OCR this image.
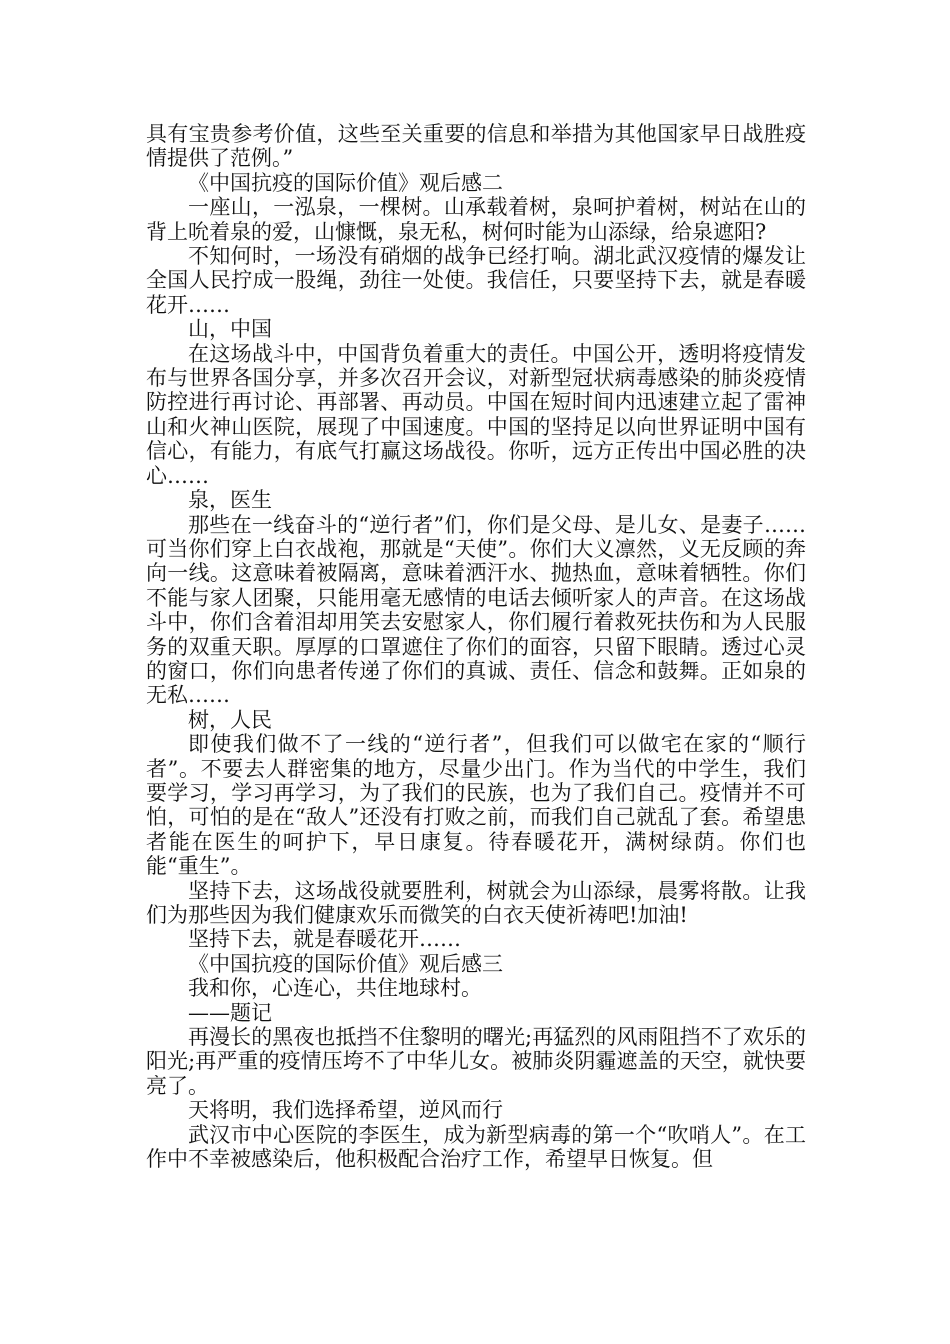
具有宝贵参考价值，这些至关重要的信息和举措为其他国家早日战胜疫情提供了范例。”

《中国抗疫的国际价值》观后感二

一座山，一泓泉，一棵树。山承载着树，泉呵护着树，树站在山的背上吮着泉的爱，山慷慨，泉无私，树何时能为山添绿，给泉遮阳?

不知何时，一场没有硝烟的战争已经打响。湖北武汉疫情的爆发让全国人民拧成一股绳，劲往一处使。我信任，只要坚持下去，就是春暖花开……

山，中国

在这场战斗中，中国背负着重大的责任。中国公开，透明将疫情发布与世界各国分享，并多次召开会议，对新型冠状病毒感染的肺炎疫情防控进行再讨论、再部署、再动员。中国在短时间内迅速建立起了雷神山和火神山医院，展现了中国速度。中国的坚持足以向世界证明中国有信心，有能力，有底气打赢这场战役。你听，远方正传出中国必胜的决心……

泉，医生

那些在一线奋斗的“逆行者”们，你们是父母、是儿女、是妻子……可当你们穿上白衣战袍，那就是“天使”。你们大义凛然，义无反顾的奔向一线。这意味着被隔离，意味着洒汗水、抛热血，意味着牺牲。你们不能与家人团聚，只能用毫无感情的电话去倾听家人的声音。在这场战斗中，你们含着泪却用笑去安慰家人，你们履行着救死扶伤和为人民服务的双重天职。厚厚的口罩遮住了你们的面容，只留下眼睛。透过心灵的窗口，你们向患者传递了你们的真诚、责任、信念和鼓舞。正如泉的无私……

树，人民

即使我们做不了一线的“逆行者”，但我们可以做宅在家的“顺行者”。不要去人群密集的地方，尽量少出门。作为当代的中学生，我们要学习，学习再学习，为了我们的民族，也为了我们自己。疫情并不可怕，可怕的是在“敌人”还没有打败之前，而我们自己就乱了套。希望患者能在医生的呵护下，早日康复。待春暖花开，满树绿荫。你们也能“重生”。

坚持下去，这场战役就要胜利，树就会为山添绿，晨雾将散。让我们为那些因为我们健康欢乐而微笑的白衣天使祈祷吧!加油!

坚持下去，就是春暖花开……

《中国抗疫的国际价值》观后感三

我和你，心连心，共住地球村。

——题记

再漫长的黑夜也抵挡不住黎明的曙光;再猛烈的风雨阻挡不了欢乐的阳光;再严重的疫情压垮不了中华儿女。被肺炎阴霾遮盖的天空，就快要亮了。

天将明，我们选择希望，逆风而行

武汉市中心医院的李医生，成为新型病毒的第一个“吹哨人”。在工作中不幸被感染后，他积极配合治疗工作，希望早日恢复。但
